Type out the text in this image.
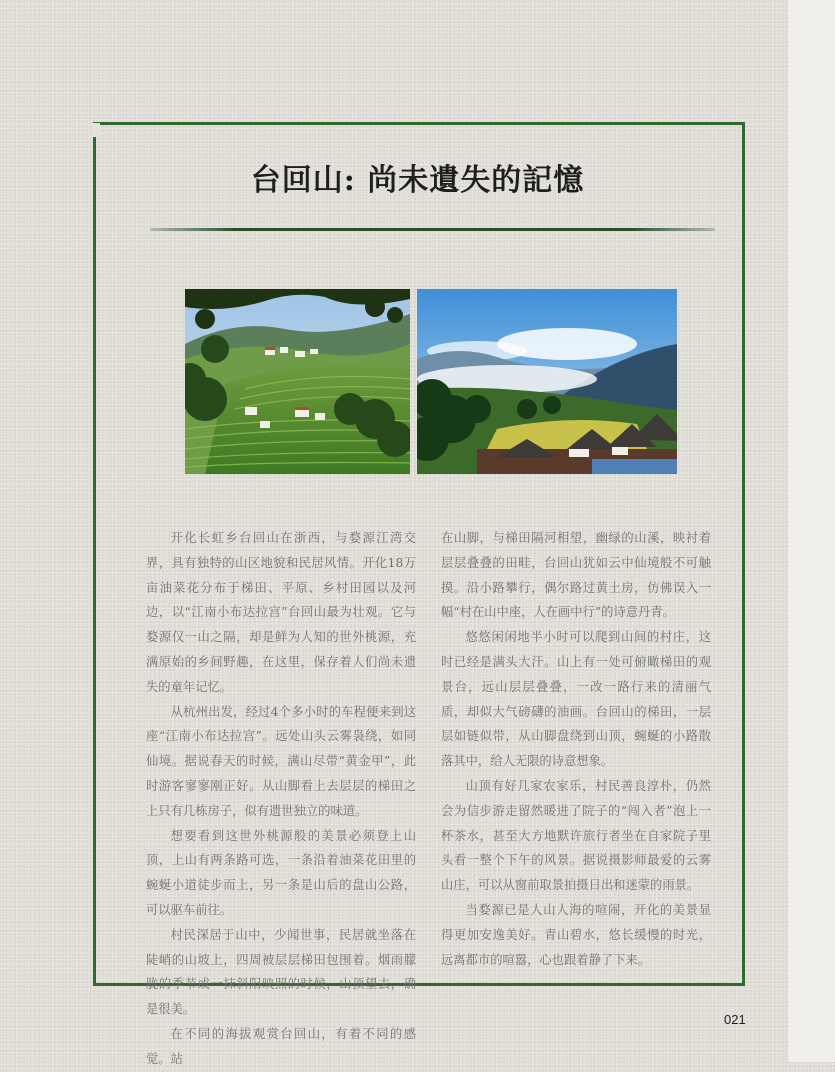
台回山: 尚未遺失的記憶

开化长虹乡台回山在浙西，与婺源江湾交界，具有独特的山区地貌和民居风情。开化18万亩油菜花分布于梯田、平原、乡村田园以及河边，以“江南小布达拉宫”台回山最为壮观。它与婺源仅一山之隔，却是鲜为人知的世外桃源，充满原始的乡间野趣，在这里，保存着人们尚未遗失的童年记忆。

从杭州出发，经过4个多小时的车程便来到这座“江南小布达拉宫”。远处山头云雾袅绕，如同仙境。据说春天的时候，满山尽带“黄金甲”，此时游客寥寥刚正好。从山脚看上去层层的梯田之上只有几栋房子，似有遗世独立的味道。

想要看到这世外桃源般的美景必须登上山顶，上山有两条路可选，一条沿着油菜花田里的蜿蜒小道徒步而上，另一条是山后的盘山公路，可以驱车前往。

村民深居于山中，少闻世事，民居就坐落在陡峭的山坡上，四周被层层梯田包围着。烟雨朦胧的季节或一抹斜阳映照的时候，山顶望去，确是很美。

在不同的海拔观赏台回山，有着不同的感觉。站

在山脚，与梯田隔河相望，幽绿的山溪，映衬着层层叠叠的田畦，台回山犹如云中仙境般不可触摸。沿小路攀行，偶尔路过黄土房，仿佛误入一幅“村在山中座，人在画中行”的诗意丹青。

悠悠闲闲地半小时可以爬到山间的村庄，这时已经是满头大汗。山上有一处可俯瞰梯田的观景台，远山层层叠叠，一改一路行来的清丽气质，却似大气磅礴的油画。台回山的梯田，一层层如链似带，从山脚盘绕到山顶，蜿蜒的小路散落其中，给人无限的诗意想象。

山顶有好几家农家乐，村民善良淳朴，仍然会为信步游走留然暖进了院子的“闯入者”泡上一杯茶水，甚至大方地默许旅行者坐在自家院子里头看一整个下午的风景。据说摄影师最爱的云雾山庄，可以从窗前取景拍摄日出和迷蒙的雨景。

当婺源已是人山人海的喧闹，开化的美景显得更加安逸美好。青山碧水，悠长缓慢的时光，远离都市的喧嚣，心也跟着静了下来。

021
